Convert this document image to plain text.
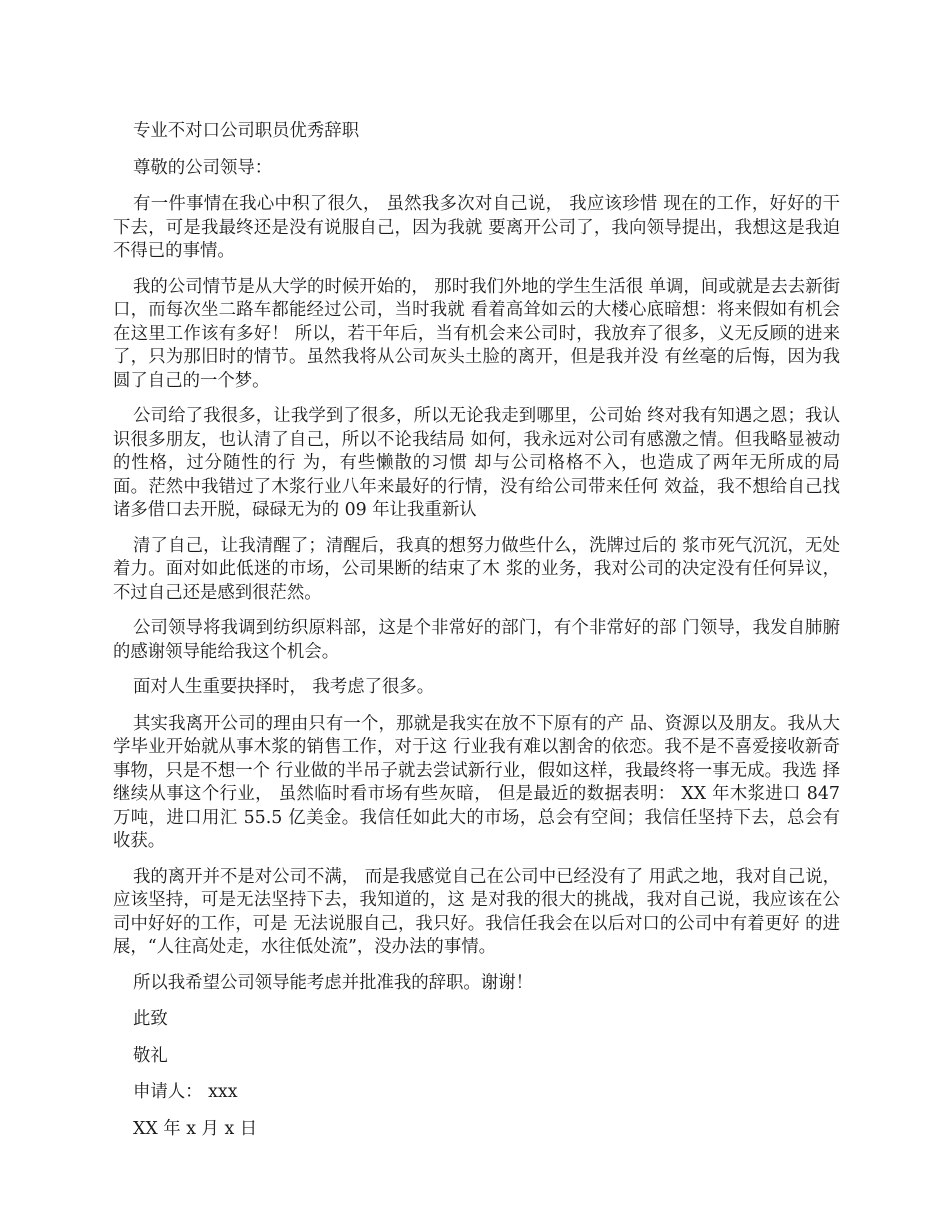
专业不对口公司职员优秀辞职

尊敬的公司领导：

有一件事情在我心中积了很久， 虽然我多次对自己说， 我应该珍惜 现在的工作，好好的干下去，可是我最终还是没有说服自己，因为我就 要离开公司了，我向领导提出，我想这是我迫不得已的事情。

我的公司情节是从大学的时候开始的， 那时我们外地的学生生活很 单调，间或就是去去新街口，而每次坐二路车都能经过公司，当时我就 看着高耸如云的大楼心底暗想：将来假如有机会在这里工作该有多好！ 所以，若干年后，当有机会来公司时，我放弃了很多，义无反顾的进来 了，只为那旧时的情节。虽然我将从公司灰头土脸的离开，但是我并没 有丝毫的后悔，因为我圆了自己的一个梦。

公司给了我很多，让我学到了很多，所以无论我走到哪里，公司始 终对我有知遇之恩；我认识很多朋友，也认清了自己，所以不论我结局 如何，我永远对公司有感激之情。但我略显被动的性格，过分随性的行 为，有些懒散的习惯 却与公司格格不入，也造成了两年无所成的局 面。茫然中我错过了木浆行业八年来最好的行情，没有给公司带来任何 效益，我不想给自己找诸多借口去开脱，碌碌无为的 09 年让我重新认

清了自己，让我清醒了；清醒后，我真的想努力做些什么，洗牌过后的 浆市死气沉沉，无处着力。面对如此低迷的市场，公司果断的结束了木 浆的业务，我对公司的决定没有任何异议，不过自己还是感到很茫然。

公司领导将我调到纺织原料部，这是个非常好的部门，有个非常好的部 门领导，我发自肺腑的感谢领导能给我这个机会。

面对人生重要抉择时， 我考虑了很多。

其实我离开公司的理由只有一个，那就是我实在放不下原有的产 品、资源以及朋友。我从大学毕业开始就从事木浆的销售工作，对于这 行业我有难以割舍的依恋。我不是不喜爱接收新奇事物，只是不想一个 行业做的半吊子就去尝试新行业，假如这样，我最终将一事无成。我选 择继续从事这个行业， 虽然临时看市场有些灰暗， 但是最近的数据表明： XX 年木浆进口 847 万吨，进口用汇 55.5 亿美金。我信任如此大的市场，总会有空间；我信任坚持下去，总会有收获。

我的离开并不是对公司不满， 而是我感觉自己在公司中已经没有了 用武之地，我对自己说，应该坚持，可是无法坚持下去，我知道的，这 是对我的很大的挑战，我对自己说，我应该在公司中好好的工作，可是 无法说服自己，我只好。我信任我会在以后对口的公司中有着更好 的进展，“人往高处走，水往低处流”，没办法的事情。

所以我希望公司领导能考虑并批准我的辞职。谢谢！

此致

敬礼

申请人： xxx

XX 年 x 月 x 日
